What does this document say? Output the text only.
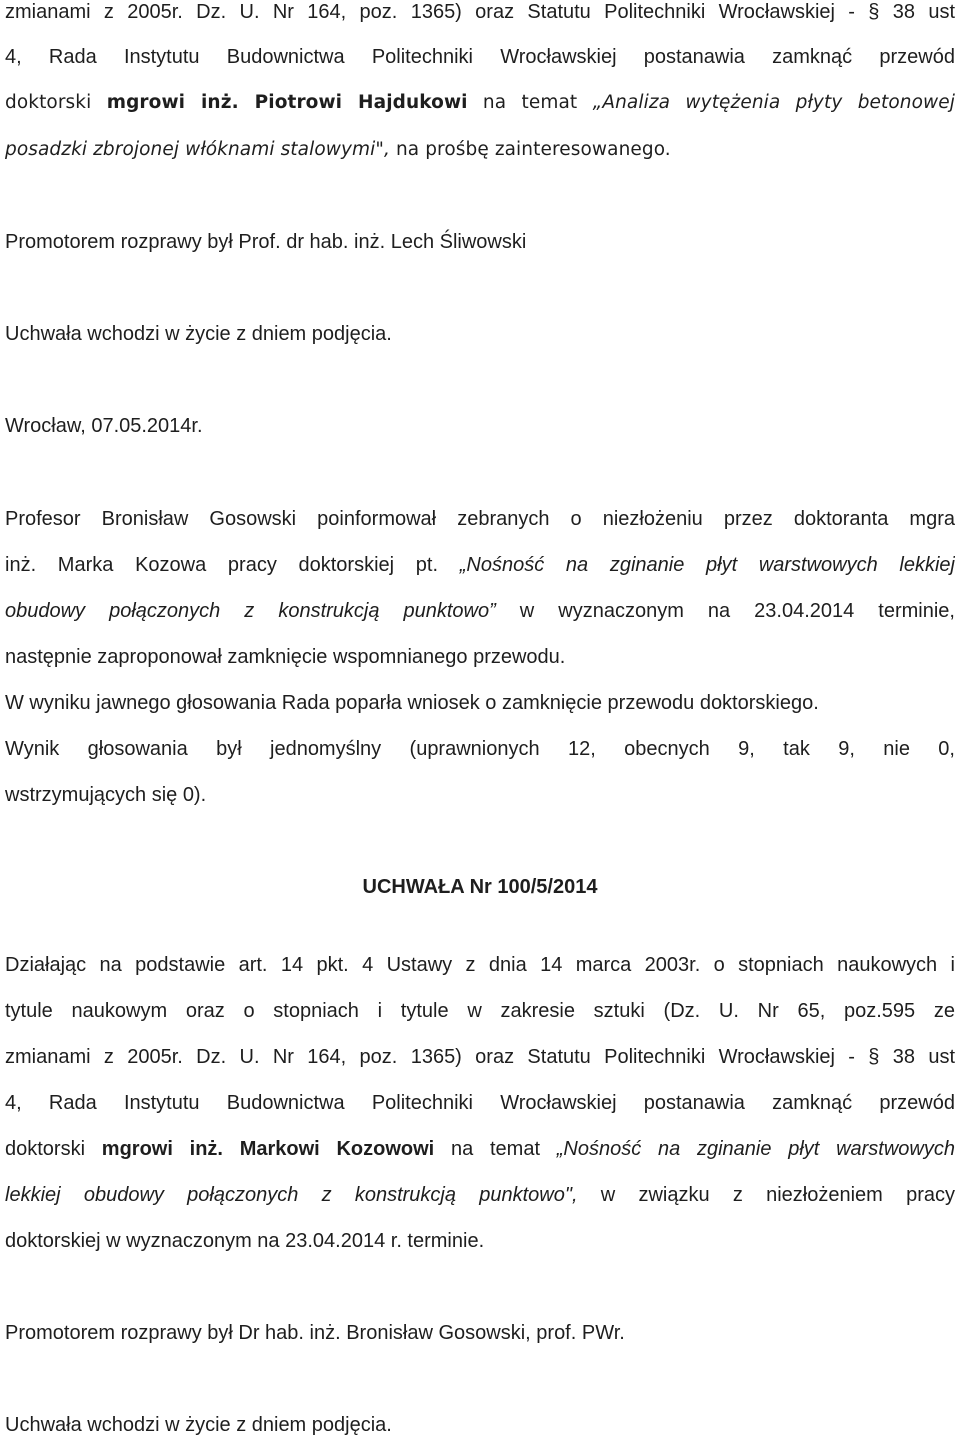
zmianami z 2005r. Dz. U. Nr 164, poz. 1365) oraz Statutu Politechniki Wrocławskiej - § 38 ust
4, Rada Instytutu Budownictwa Politechniki Wrocławskiej postanawia zamknąć przewód
doktorski mgrowi inż. Piotrowi Hajdukowi na temat „Analiza wytężenia płyty betonowej
posadzki zbrojonej włóknami stalowymi", na prośbę zainteresowanego.
Promotorem rozprawy był Prof. dr hab. inż. Lech Śliwowski
Uchwała wchodzi w życie z dniem podjęcia.
Wrocław, 07.05.2014r.
Profesor Bronisław Gosowski poinformował zebranych o niezłożeniu przez doktoranta mgra
inż. Marka Kozowa pracy doktorskiej pt. „Nośność na zginanie płyt warstwowych lekkiej
obudowy połączonych z konstrukcją punktowo” w wyznaczonym na 23.04.2014 terminie,
następnie zaproponował zamknięcie wspomnianego przewodu.
W wyniku jawnego głosowania Rada poparła wniosek o zamknięcie przewodu doktorskiego.
Wynik głosowania był jednomyślny (uprawnionych 12, obecnych 9, tak 9, nie 0,
wstrzymujących się 0).
UCHWAŁA Nr 100/5/2014
Działając na podstawie art. 14 pkt. 4 Ustawy z dnia 14 marca 2003r. o stopniach naukowych i
tytule naukowym oraz o stopniach i tytule w zakresie sztuki (Dz. U. Nr 65, poz.595 ze
zmianami z 2005r. Dz. U. Nr 164, poz. 1365) oraz Statutu Politechniki Wrocławskiej - § 38 ust
4, Rada Instytutu Budownictwa Politechniki Wrocławskiej postanawia zamknąć przewód
doktorski mgrowi inż. Markowi Kozowowi na temat „Nośność na zginanie płyt warstwowych
lekkiej obudowy połączonych z konstrukcją punktowo", w związku z niezłożeniem pracy
doktorskiej w wyznaczonym na 23.04.2014 r. terminie.
Promotorem rozprawy był Dr hab. inż. Bronisław Gosowski, prof. PWr.
Uchwała wchodzi w życie z dniem podjęcia.
